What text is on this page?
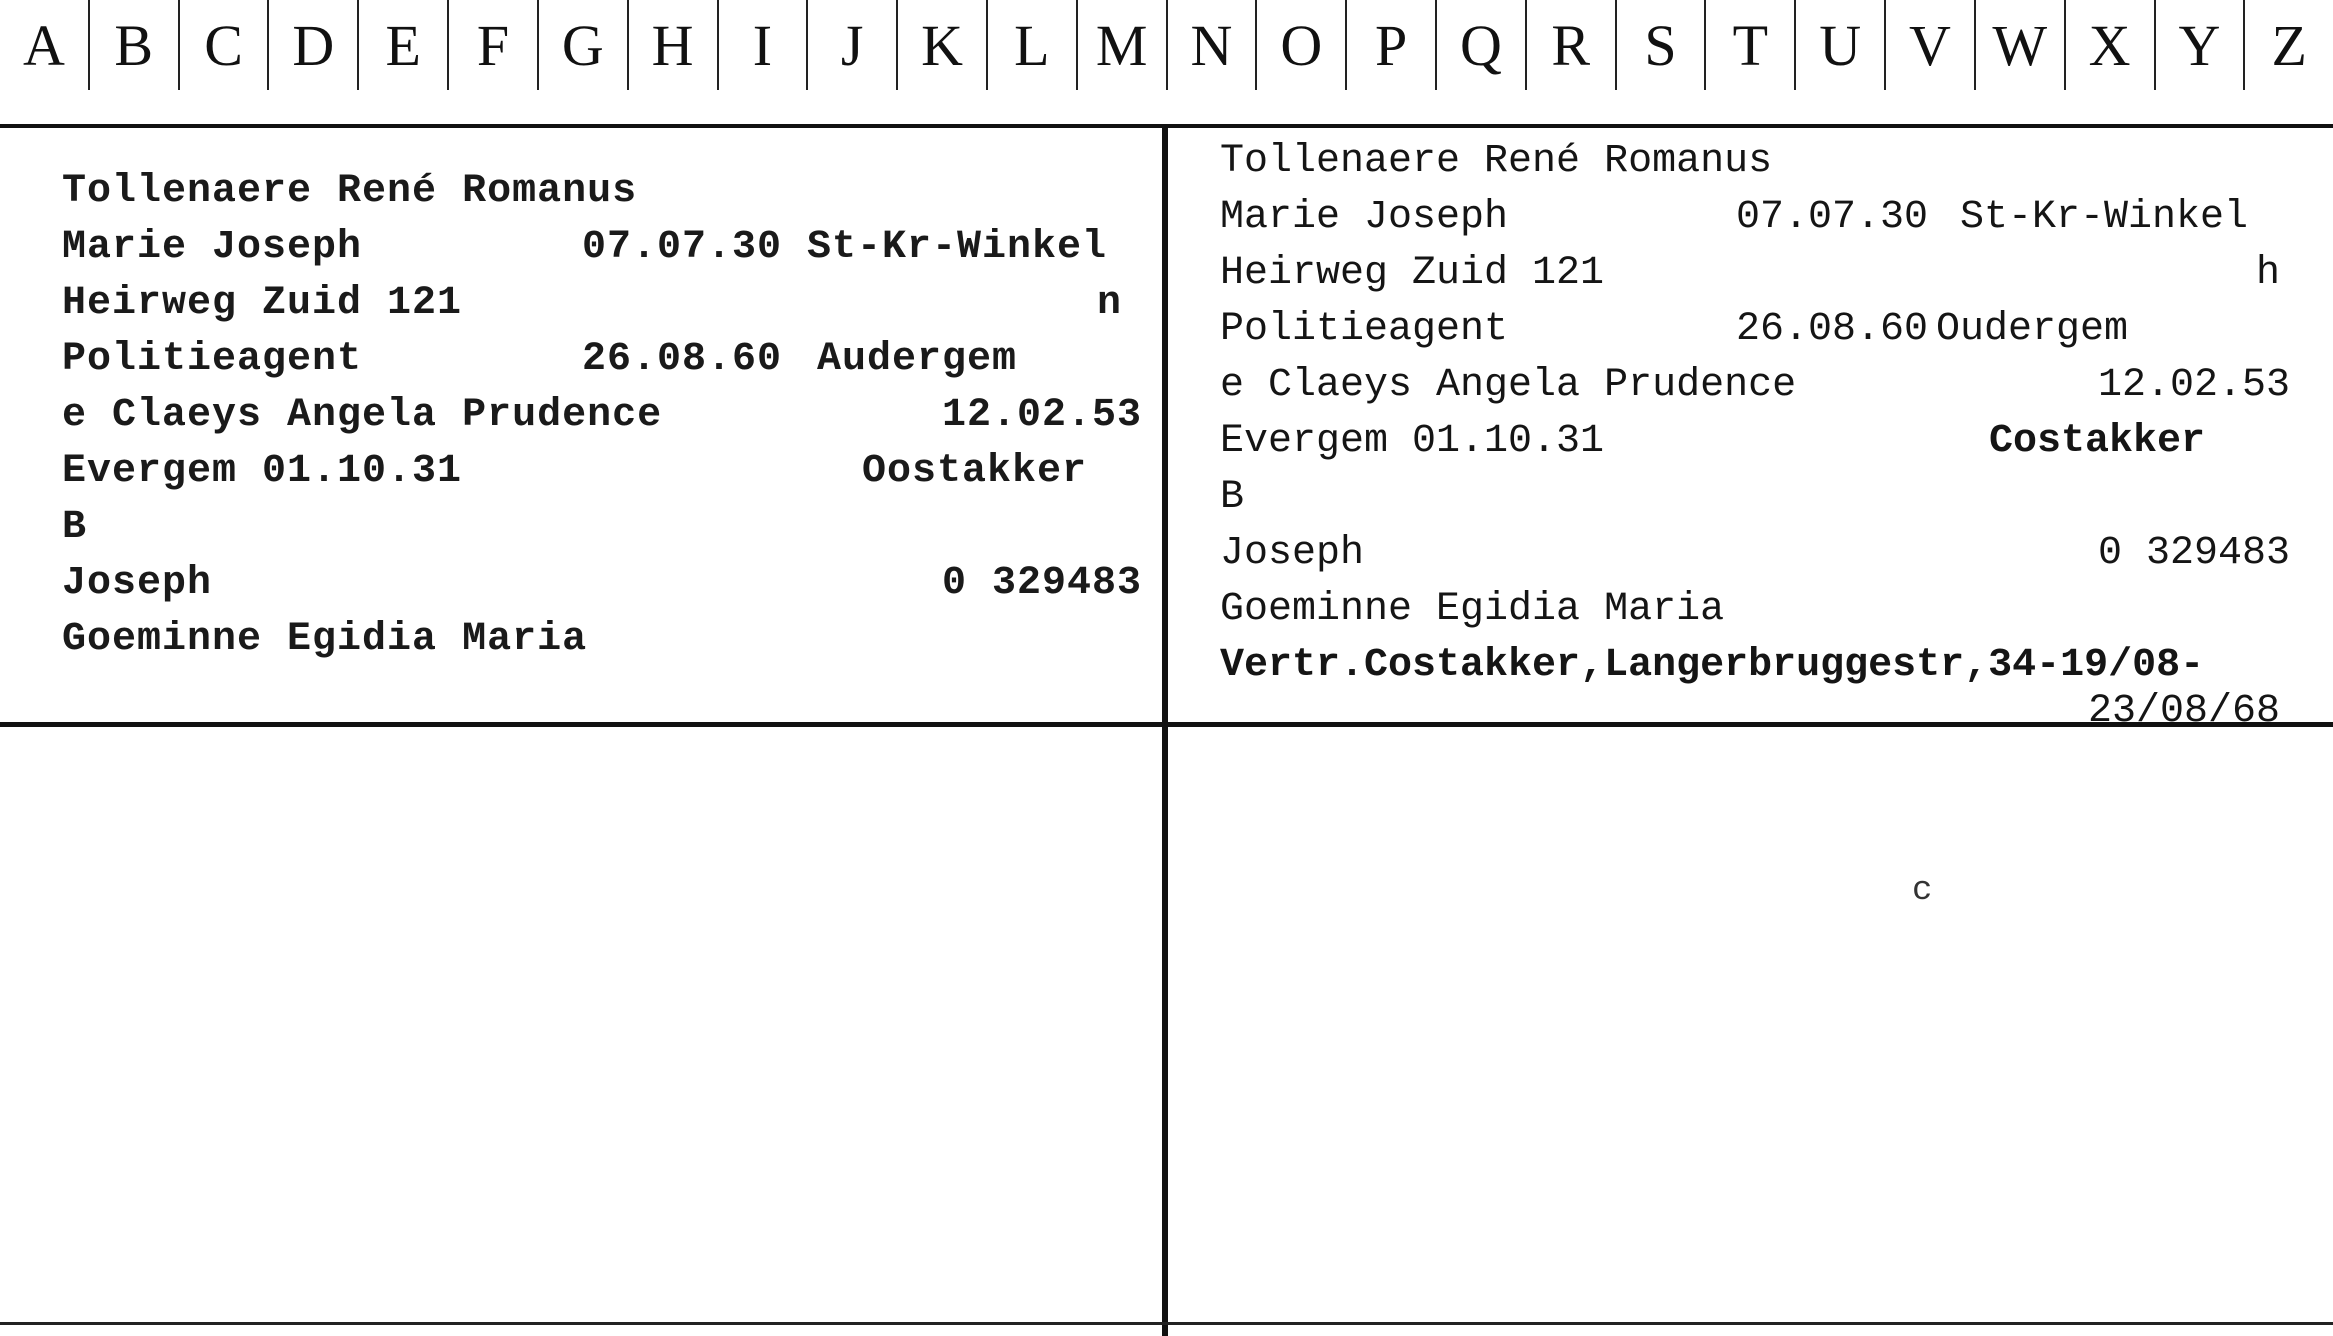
A B C D E F G H	I	J K L M N O P Q R S T U V W X Y Z
Tollenaere René Romanus
Marie Joseph	07.07.30 St-Kr-Winkel
Heirweg Zuid 121	n
Politieagent	26.08.60 Audergem
e Claeys Angela Prudence	12.02.53
Evergem 01.10.31	Oostakker
B
Joseph	0 329483
Goeminne Egidia Maria
Tollenaere René Romanus
Marie Joseph	07.07.30 St-Kr-Winkel
Heirweg Zuid 121	h
Politieagent	26.08.60 Oudergem
e Claeys Angela Prudence	12.02.53
Evergem 01.10.31	Costakker
B
Joseph	0 329483
Goeminne Egidia Maria
Vertr.Costakker,Langerbruggestr,34-19/08-
23/08/68
c
